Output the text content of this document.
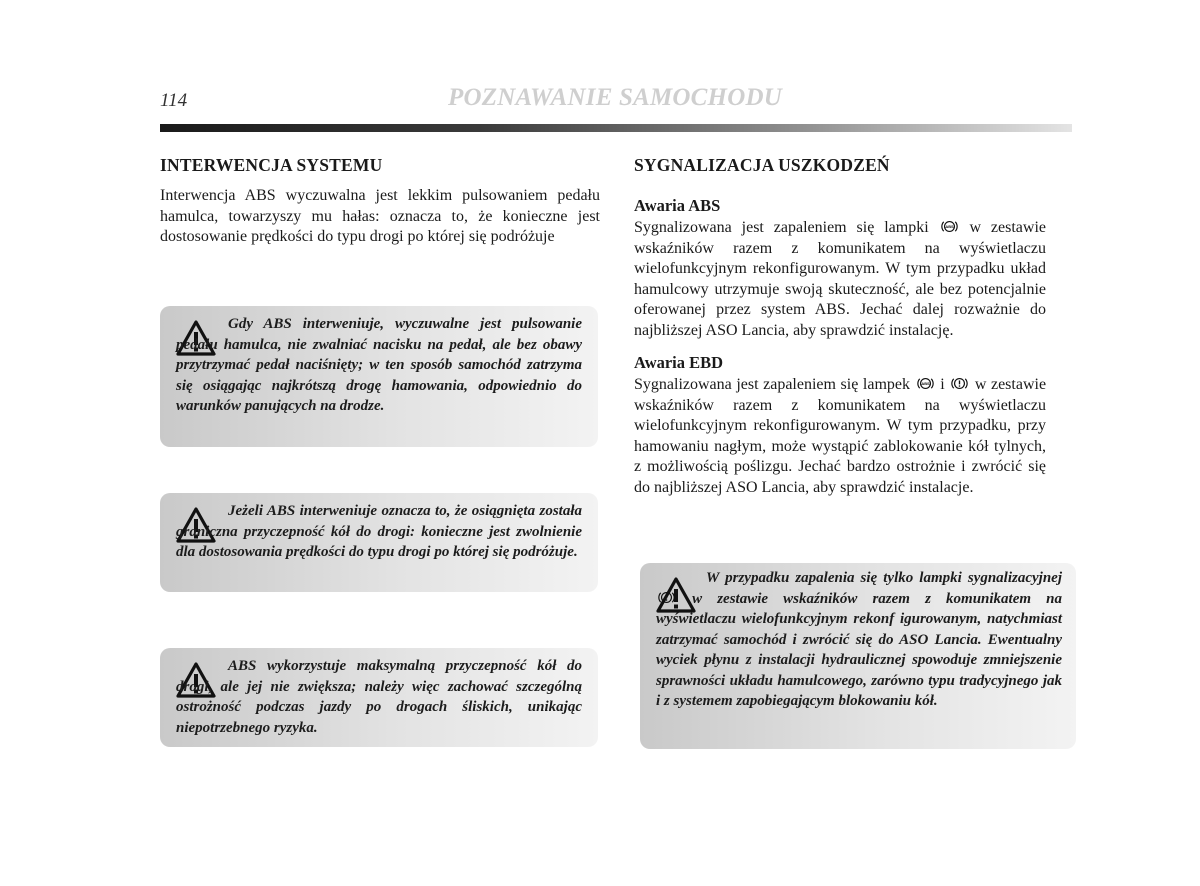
114	POZNAWANIE SAMOCHODU
INTERWENCJA SYSTEMU

Interwencja ABS wyczuwalna jest lekkim pulsowaniem pedału hamulca, towarzyszy mu hałas: oznacza to, że konieczne jest dostosowanie prędkości do typu drogi po której się podróżuje

Gdy ABS interweniuje, wyczuwalne jest pulsowanie pedału hamulca, nie zwalniać nacisku na pedał, ale bez obawy przytrzymać pedał naciśnięty; w ten sposób samochód zatrzyma się osiągając najkrótszą drogę hamowania, odpowiednio do warunków panujących na drodze.
Jeżeli ABS interweniuje oznacza to, że osiągnięta została graniczna przyczepność kół do drogi: konieczne jest zwolnienie dla dostosowania prędkości do typu drogi po której się podróżuje.
ABS wykorzystuje maksymalną przyczepność kół do drogi, ale jej nie zwiększa; należy więc zachować szczególną ostrożność podczas jazdy po drogach śliskich, unikając niepotrzebnego ryzyka.
SYGNALIZACJA USZKODZEŃ
Awaria ABS

Sygnalizowana jest zapaleniem się lampki	ABS w zestawie wskaźników razem z komunikatem na wyświetlaczu wielofunkcyjnym rekonfigurowanym. W tym przypadku układ hamulcowy utrzymuje swoją skuteczność, ale bez potencjalnie oferowanej przez system ABS. Jechać dalej rozważnie do najbliższej ASO Lancia, aby sprawdzić instalację.

Awaria EBD

Sygnalizowana jest zapaleniem się lampek ABS i w zestawie wskaźników razem z komunikatem na wyświetlaczu wielofunkcyjnym rekonfigurowanym. W tym przypadku, przy hamowaniu nagłym, może wystąpić zablokowanie kół tylnych, z możliwością poślizgu. Jechać bardzo ostrożnie i zwrócić się do najbliższej ASO Lancia, aby sprawdzić instalacje.

W przypadku zapalenia się tylko lampki sygnalizacyjnej  w zestawie wskaźników razem z komunikatem na wyświetlaczu wielofunkcyjnym rekonf igurowanym, natychmiast zatrzymać samochód i zwrócić się do ASO Lancia. Ewentualny wyciek płynu z instalacji hydraulicznej spowoduje zmniejszenie sprawności układu hamulcowego, zarówno typu tradycyjnego jak i z systemem zapobiegającym blokowaniu kół.
